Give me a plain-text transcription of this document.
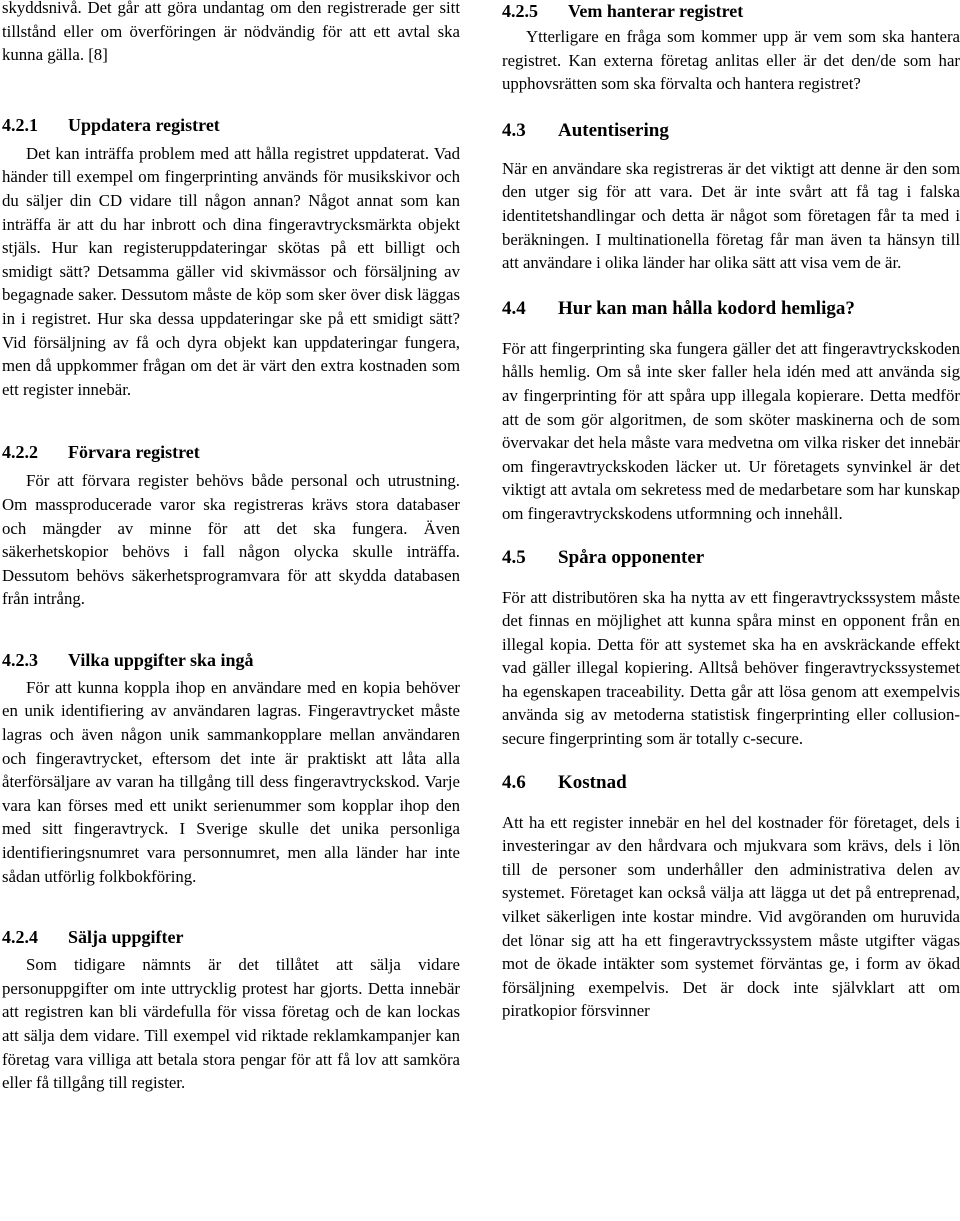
skyddsnivå. Det går att göra undantag om den registrerade ger sitt tillstånd eller om överföringen är nödvändig för att ett avtal ska kunna gälla. [8]

4.2.1	Uppdatera registret

Det kan inträffa problem med att hålla registret uppdaterat. Vad händer till exempel om fingerprinting används för musikskivor och du säljer din CD vidare till någon annan? Något annat som kan inträffa är att du har inbrott och dina fingeravtrycksmärkta objekt stjäls. Hur kan registeruppdateringar skötas på ett billigt och smidigt sätt? Detsamma gäller vid skivmässor och försäljning av begagnade saker. Dessutom måste de köp som sker över disk läggas in i registret. Hur ska dessa uppdateringar ske på ett smidigt sätt? Vid försäljning av få och dyra objekt kan uppdateringar fungera, men då uppkommer frågan om det är värt den extra kostnaden som ett register innebär.

4.2.2	Förvara registret

För att förvara register behövs både personal och utrustning. Om massproducerade varor ska registreras krävs stora databaser och mängder av minne för att det ska fungera. Även säkerhetskopior behövs i fall någon olycka skulle inträffa. Dessutom behövs säkerhetsprogramvara för att skydda databasen från intrång.

4.2.3	Vilka uppgifter ska ingå

För att kunna koppla ihop en användare med en kopia behöver en unik identifiering av användaren lagras. Fingeravtrycket måste lagras och även någon unik sammankopplare mellan användaren och fingeravtrycket, eftersom det inte är praktiskt att låta alla återförsäljare av varan ha tillgång till dess fingeravtryckskod. Varje vara kan förses med ett unikt serienummer som kopplar ihop den med sitt fingeravtryck. I Sverige skulle det unika personliga identifieringsnumret vara personnumret, men alla länder har inte sådan utförlig folkbokföring.

4.2.4	Sälja uppgifter

Som tidigare nämnts är det tillåtet att sälja vidare personuppgifter om inte uttrycklig protest har gjorts. Detta innebär att registren kan bli värdefulla för vissa företag och de kan lockas att sälja dem vidare. Till exempel vid riktade reklamkampanjer kan företag vara villiga att betala stora pengar för att få lov att samköra eller få tillgång till register.

4.2.5	Vem hanterar registret

Ytterligare en fråga som kommer upp är vem som ska hantera registret. Kan externa företag anlitas eller är det den/de som har upphovsrätten som ska förvalta och hantera registret?

4.3	Autentisering

När en användare ska registreras är det viktigt att denne är den som den utger sig för att vara. Det är inte svårt att få tag i falska identitetshandlingar och detta är något som företagen får ta med i beräkningen. I multinationella företag får man även ta hänsyn till att användare i olika länder har olika sätt att visa vem de är.

4.4	Hur kan man hålla kodord hemliga?

För att fingerprinting ska fungera gäller det att fingeravtryckskoden hålls hemlig. Om så inte sker faller hela idén med att använda sig av fingerprinting för att spåra upp illegala kopierare. Detta medför att de som gör algoritmen, de som sköter maskinerna och de som övervakar det hela måste vara medvetna om vilka risker det innebär om fingeravtryckskoden läcker ut. Ur företagets synvinkel är det viktigt att avtala om sekretess med de medarbetare som har kunskap om fingeravtryckskodens utformning och innehåll.

4.5	Spåra opponenter

För att distributören ska ha nytta av ett fingeravtryckssystem måste det finnas en möjlighet att kunna spåra minst en opponent från en illegal kopia. Detta för att systemet ska ha en avskräckande effekt vad gäller illegal kopiering. Alltså behöver fingeravtryckssystemet ha egenskapen traceability. Detta går att lösa genom att exempelvis använda sig av metoderna statistisk fingerprinting eller collusion-secure fingerprinting som är totally c-secure.

4.6	Kostnad

Att ha ett register innebär en hel del kostnader för företaget, dels i investeringar av den hårdvara och mjukvara som krävs, dels i lön till de personer som underhåller den administrativa delen av systemet. Företaget kan också välja att lägga ut det på entreprenad, vilket säkerligen inte kostar mindre. Vid avgöranden om huruvida det lönar sig att ha ett fingeravtryckssystem måste utgifter vägas mot de ökade intäkter som systemet förväntas ge, i form av ökad försäljning exempelvis. Det är dock inte självklart att om piratkopior försvinner
